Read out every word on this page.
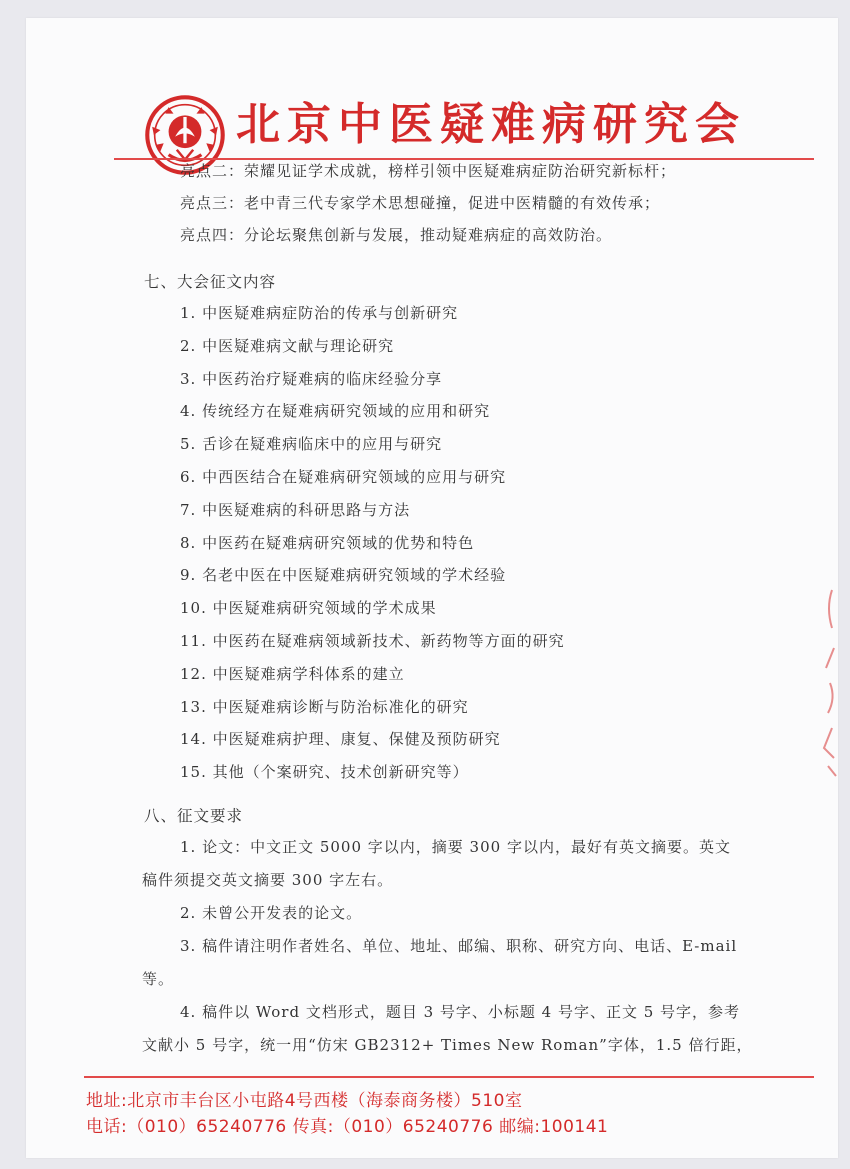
北京中医疑难病研究会
亮点二：荣耀见证学术成就，榜样引领中医疑难病症防治研究新标杆；
亮点三：老中青三代专家学术思想碰撞，促进中医精髓的有效传承；
亮点四：分论坛聚焦创新与发展，推动疑难病症的高效防治。
七、大会征文内容
1. 中医疑难病症防治的传承与创新研究
2. 中医疑难病文献与理论研究
3. 中医药治疗疑难病的临床经验分享
4. 传统经方在疑难病研究领域的应用和研究
5. 舌诊在疑难病临床中的应用与研究
6. 中西医结合在疑难病研究领域的应用与研究
7. 中医疑难病的科研思路与方法
8. 中医药在疑难病研究领域的优势和特色
9. 名老中医在中医疑难病研究领域的学术经验
10. 中医疑难病研究领域的学术成果
11. 中医药在疑难病领域新技术、新药物等方面的研究
12. 中医疑难病学科体系的建立
13. 中医疑难病诊断与防治标准化的研究
14. 中医疑难病护理、康复、保健及预防研究
15. 其他（个案研究、技术创新研究等）
八、征文要求
1. 论文：中文正文 5000 字以内，摘要 300 字以内，最好有英文摘要。英文
稿件须提交英文摘要 300 字左右。
2. 未曾公开发表的论文。
3. 稿件请注明作者姓名、单位、地址、邮编、职称、研究方向、电话、E-mail
等。
4. 稿件以 Word 文档形式，题目 3 号字、小标题 4 号字、正文 5 号字，参考
文献小 5 号字，统一用“仿宋 GB2312+ Times New Roman”字体，1.5 倍行距，
地址:北京市丰台区小屯路4号西楼（海泰商务楼）510室
电话:（010）65240776 传真:（010）65240776 邮编:100141
